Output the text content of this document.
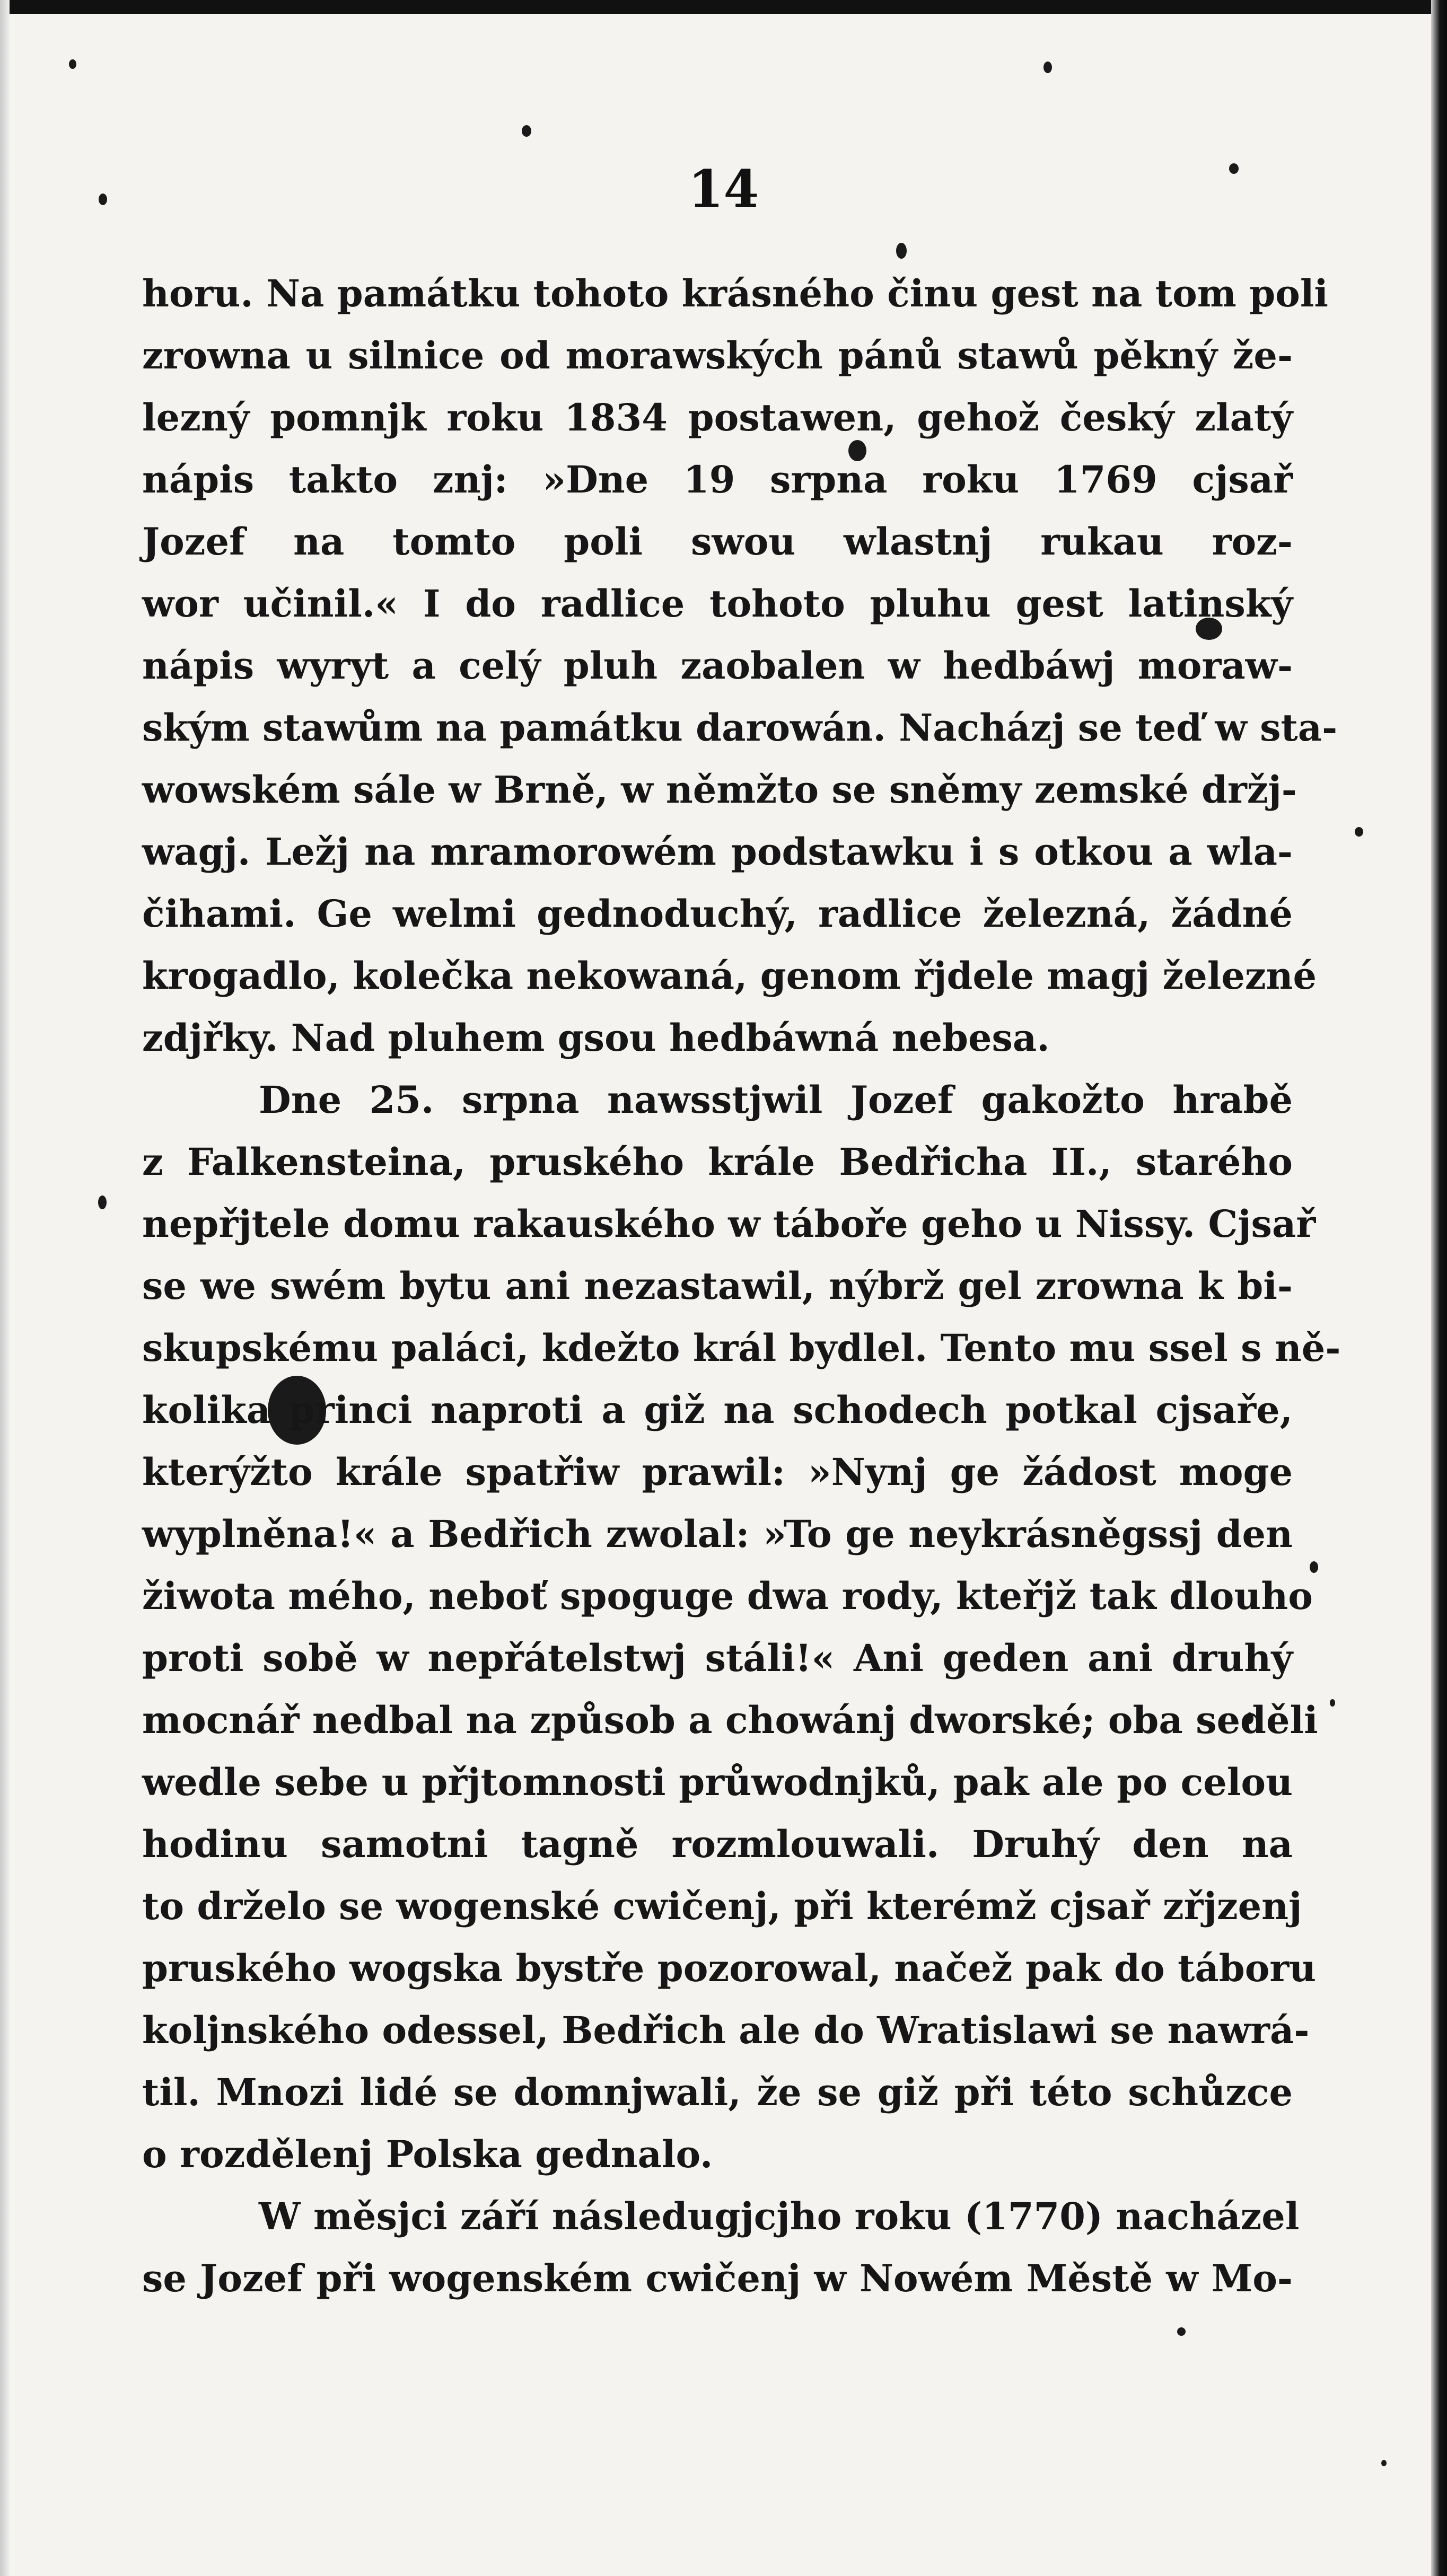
14
horu. Na památku tohoto krásného činu gest na tom poli
zrowna u silnice od morawských pánů stawů pěkný že-
lezný pomnjk roku 1834 postawen, gehož český zlatý
nápis takto znj: »Dne 19 srpna roku 1769 cjsař
Jozef na tomto poli swou wlastnj rukau roz-
wor učinil.« I do radlice tohoto pluhu gest latinský
nápis wyryt a celý pluh zaobalen w hedbáwj moraw-
ským stawům na památku darowán. Nacházj se teď w sta-
wowském sále w Brně, w němžto se sněmy zemské držj-
wagj. Ležj na mramorowém podstawku i s otkou a wla-
čihami. Ge welmi gednoduchý, radlice železná, žádné
krogadlo, kolečka nekowaná, genom řjdele magj železné
zdjřky. Nad pluhem gsou hedbáwná nebesa.
Dne 25. srpna nawsstjwil Jozef gakožto hrabě
z Falkensteina, pruského krále Bedřicha II., starého
nepřjtele domu rakauského w táboře geho u Nissy. Cjsař
se we swém bytu ani nezastawil, nýbrž gel zrowna k bi-
skupskému paláci, kdežto král bydlel. Tento mu ssel s ně-
kolika princi naproti a giž na schodech potkal cjsaře,
kterýžto krále spatřiw prawil: »Nynj ge žádost moge
wyplněna!« a Bedřich zwolal: »To ge neykrásněgssj den
žiwota mého, neboť spoguge dwa rody, kteřjž tak dlouho
proti sobě w nepřátelstwj stáli!« Ani geden ani druhý
mocnář nedbal na způsob a chowánj dworské; oba seděli
wedle sebe u přjtomnosti průwodnjků, pak ale po celou
hodinu samotni tagně rozmlouwali. Druhý den na
to drželo se wogenské cwičenj, při kterémž cjsař zřjzenj
pruského wogska bystře pozorowal, načež pak do táboru
koljnského odessel, Bedřich ale do Wratislawi se nawrá-
til. Mnozi lidé se domnjwali, že se giž při této schůzce
o rozdělenj Polska gednalo.
W měsjci září následugjcjho roku (1770) nacházel
se Jozef při wogenském cwičenj w Nowém Městě w Mo-
